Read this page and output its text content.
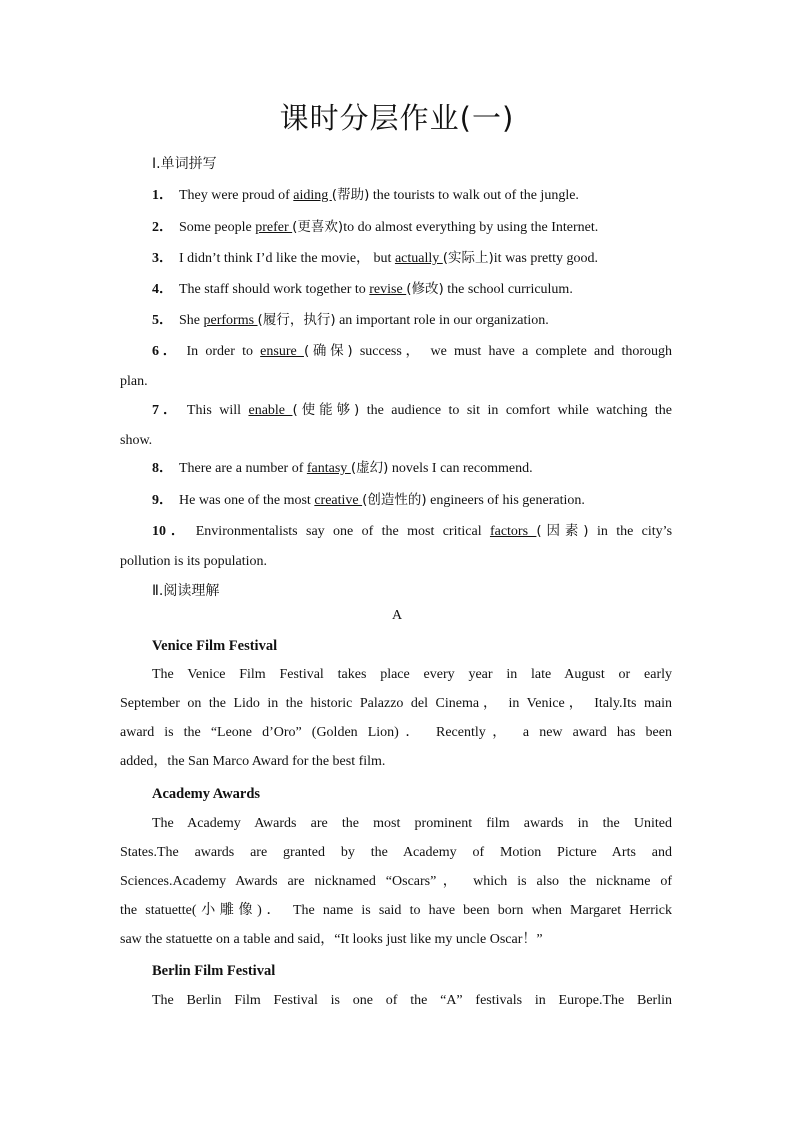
课时分层作业(一)
Ⅰ.单词拼写

1． They were proud of aiding (帮助) the tourists to walk out of the jungle.

2． Some people prefer (更喜欢)to do almost everything by using the Internet.

3． I didn’t think I’d like the movie， but actually (实际上)it was pretty good.

4． The staff should work together to revise (修改) the school curriculum.

5． She performs (履行，执行) an important role in our organization.

6． In order to ensure (确保) success， we must have a complete and thorough

plan.

7． This will enable (使能够) the audience to sit in comfort while watching the

show.

8． There are a number of fantasy (虚幻) novels I can recommend.

9． He was one of the most creative (创造性的) engineers of his generation.

10． Environmentalists say one of the most critical factors (因素) in the city’s

pollution is its population.

Ⅱ.阅读理解
A
Venice Film Festival
The Venice Film Festival takes place every year in late August or early
September on the Lido in the historic Palazzo del Cinema， in Venice， Italy.Its main
award is the “Leone d’Oro” (Golden Lion)． Recently， a new award has been
added，the San Marco Award for the best film.
Academy Awards
The Academy Awards are the most prominent film awards in the United
States.The awards are granted by the Academy of Motion Picture Arts and
Sciences.Academy Awards are nicknamed “Oscars”， which is also the nickname of
the statuette(小雕像)． The name is said to have been born when Margaret Herrick
saw the statuette on a table and said，“It looks just like my uncle Oscar！”
Berlin Film Festival
The Berlin Film Festival is one of the “A” festivals in Europe.The Berlin
